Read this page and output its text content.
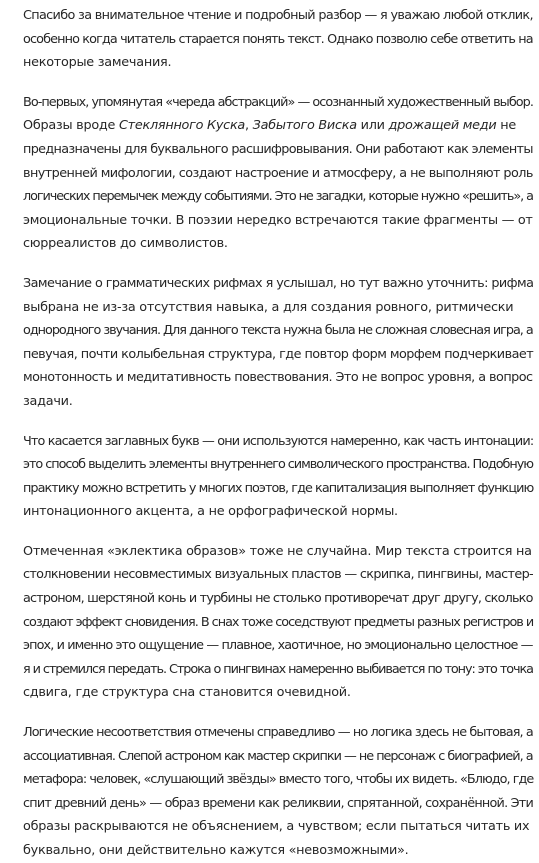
Спасибо за внимательное чтение и подробный разбор — я уважаю любой отклик,
особенно когда читатель старается понять текст. Однако позволю себе ответить на
некоторые замечания.

Во-первых, упомянутая «череда абстракций» — осознанный художественный выбор.
Образы вроде Стеклянного Куска, Забытого Виска или дрожащей меди не
предназначены для буквального расшифровывания. Они работают как элементы
внутренней мифологии, создают настроение и атмосферу, а не выполняют роль
логических перемычек между событиями. Это не загадки, которые нужно «решить», а
эмоциональные точки. В поэзии нередко встречаются такие фрагменты — от
сюрреалистов до символистов.

Замечание о грамматических рифмах я услышал, но тут важно уточнить: рифма
выбрана не из-за отсутствия навыка, а для создания ровного, ритмически
однородного звучания. Для данного текста нужна была не сложная словесная игра, а
певучая, почти колыбельная структура, где повтор форм морфем подчеркивает
монотонность и медитативность повествования. Это не вопрос уровня, а вопрос
задачи.

Что касается заглавных букв — они используются намеренно, как часть интонации:
это способ выделить элементы внутреннего символического пространства. Подобную
практику можно встретить у многих поэтов, где капитализация выполняет функцию
интонационного акцента, а не орфографической нормы.

Отмеченная «эклектика образов» тоже не случайна. Мир текста строится на
столкновении несовместимых визуальных пластов — скрипка, пингвины, мастер-
астроном, шерстяной конь и турбины не столько противоречат друг другу, сколько
создают эффект сновидения. В снах тоже соседствуют предметы разных регистров и
эпох, и именно это ощущение — плавное, хаотичное, но эмоционально целостное —
я и стремился передать. Строка о пингвинах намеренно выбивается по тону: это точка
сдвига, где структура сна становится очевидной.

Логические несоответствия отмечены справедливо — но логика здесь не бытовая, а
ассоциативная. Слепой астроном как мастер скрипки — не персонаж с биографией, а
метафора: человек, «слушающий звёзды» вместо того, чтобы их видеть. «Блюдо, где
спит древний день» — образ времени как реликвии, спрятанной, сохранённой. Эти
образы раскрываются не объяснением, а чувством; если пытаться читать их
буквально, они действительно кажутся «невозможными».
